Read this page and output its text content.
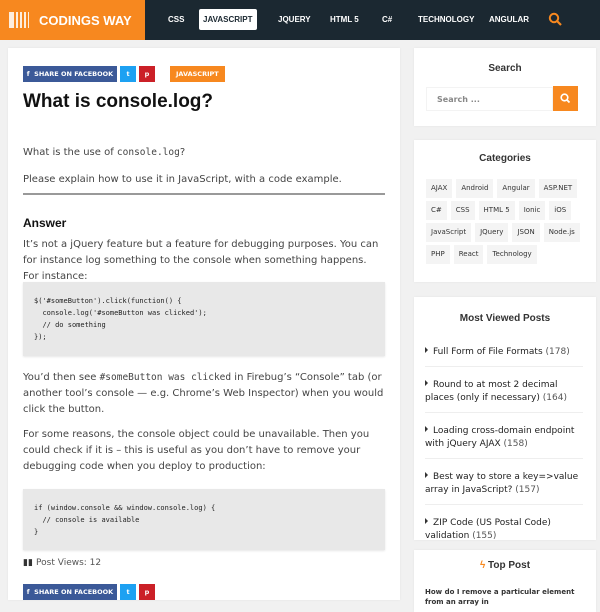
CODINGS WAY	CSS	JAVASCRIPT	JQUERY	HTML 5	C#	TECHNOLOGY	ANGULAR
f  SHARE ON FACEBOOK	t	p	JAVASCRIPT
What is console.log?

What is the use of console.log?

Please explain how to use it in JavaScript, with a code example.

Answer

It’s not a jQuery feature but a feature for debugging purposes. You can for instance log something to the console when something happens. For instance:

$('#someButton').click(function() {
console.log('#someButton was clicked');
// do something
});

You’d then see #someButton was clicked in Firebug’s “Console” tab (or another tool’s console — e.g. Chrome’s Web Inspector) when you would click the button.

For some reasons, the console object could be unavailable. Then you could check if it is – this is useful as you don’t have to remove your debugging code when you deploy to production:

if (window.console && window.console.log) {
// console is available
}
▮▮ Post Views: 12
f  SHARE ON FACEBOOK	t	p
Search
Search ...
Categories
AJAX	Android	Angular	ASP.NET
C#	CSS	HTML 5	Ionic	iOS
JavaScript	JQuery	JSON	Node.js
PHP	React	Technology
Most Viewed Posts
Full Form of File Formats (178)
Round to at most 2 decimal places (only if necessary) (164)
Loading cross-domain endpoint with jQuery AJAX (158)
Best way to store a key=>value array in JavaScript? (157)
ZIP Code (US Postal Code) validation (155)
ϟ Top Post
How do I remove a particular element from an array in
